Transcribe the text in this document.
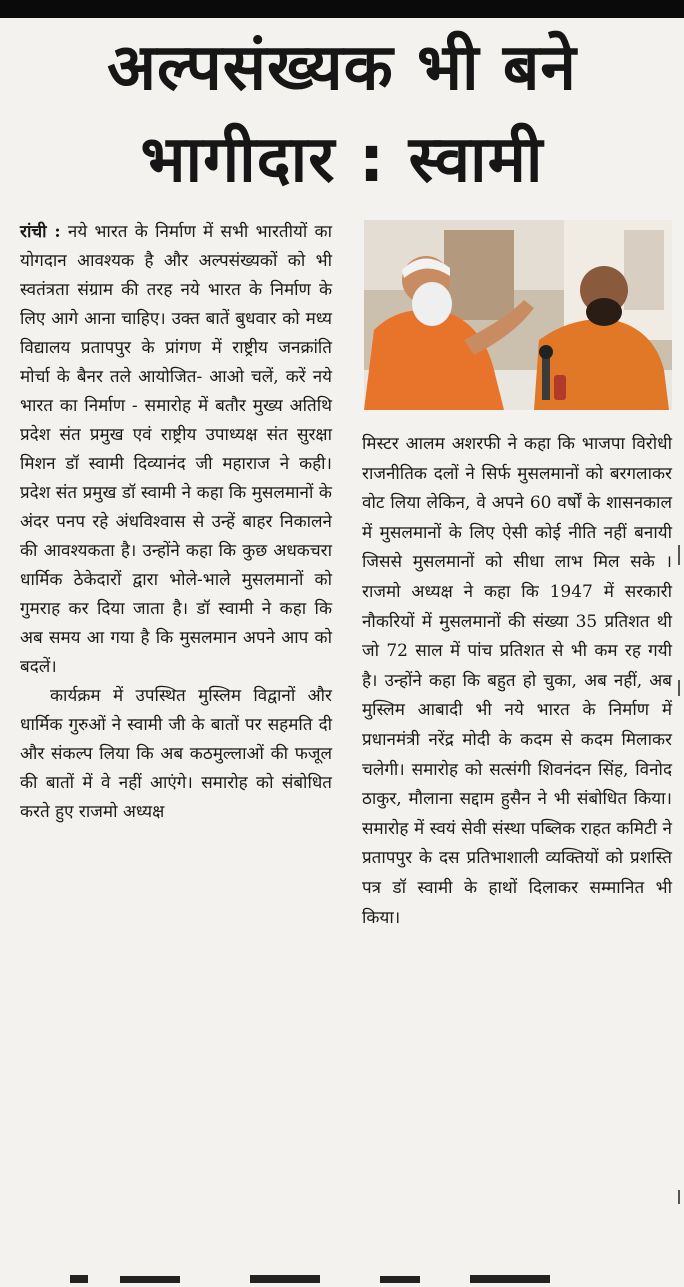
अल्पसंख्यक भी बने
भागीदार : स्वामी

रांची : नये भारत के निर्माण में सभी भारतीयों का योगदान आवश्यक है और अल्पसंख्यकों को भी स्वतंत्रता संग्राम की तरह नये भारत के निर्माण के लिए आगे आना चाहिए। उक्त बातें बुधवार को मध्य विद्यालय प्रतापपुर के प्रांगण में राष्ट्रीय जनक्रांति मोर्चा के बैनर तले आयोजित- आओ चलें, करें नये भारत का निर्माण - समारोह में बतौर मुख्य अतिथि प्रदेश संत प्रमुख एवं राष्ट्रीय उपाध्यक्ष संत सुरक्षा मिशन डॉ स्वामी दिव्यानंद जी महाराज ने कही। प्रदेश संत प्रमुख डॉ स्वामी ने कहा कि मुसलमानों के अंदर पनप रहे अंधविश्वास से उन्हें बाहर निकालने की आवश्यकता है। उन्होंने कहा कि कुछ अधकचरा धार्मिक ठेकेदारों द्वारा भोले-भाले मुसलमानों को गुमराह कर दिया जाता है। डॉ स्वामी ने कहा कि अब समय आ गया है कि मुसलमान अपने आप को बदलें।

कार्यक्रम में उपस्थित मुस्लिम विद्वानों और धार्मिक गुरुओं ने स्वामी जी के बातों पर सहमति दी और संकल्प लिया कि अब कठमुल्लाओं की फजूल की बातों में वे नहीं आएंगे। समारोह को संबोधित करते हुए राजमो अध्यक्ष

मिस्टर आलम अशरफी ने कहा कि भाजपा विरोधी राजनीतिक दलों ने सिर्फ मुसलमानों को बरगलाकर वोट लिया लेकिन, वे अपने 60 वर्षों के शासनकाल में मुसलमानों के लिए ऐसी कोई नीति नहीं बनायी जिससे मुसलमानों को सीधा लाभ मिल सके । राजमो अध्यक्ष ने कहा कि 1947 में सरकारी नौकरियों में मुसलमानों की संख्या 35 प्रतिशत थी जो 72 साल में पांच प्रतिशत से भी कम रह गयी है। उन्होंने कहा कि बहुत हो चुका, अब नहीं, अब मुस्लिम आबादी भी नये भारत के निर्माण में प्रधानमंत्री नरेंद्र मोदी के कदम से कदम मिलाकर चलेगी। समारोह को सत्संगी शिवनंदन सिंह, विनोद ठाकुर, मौलाना सद्दाम हुसैन ने भी संबोधित किया। समारोह में स्वयं सेवी संस्था पब्लिक राहत कमिटी ने प्रतापपुर के दस प्रतिभाशाली व्यक्तियों को प्रशस्ति पत्र डॉ स्वामी के हाथों दिलाकर सम्मानित भी किया।
